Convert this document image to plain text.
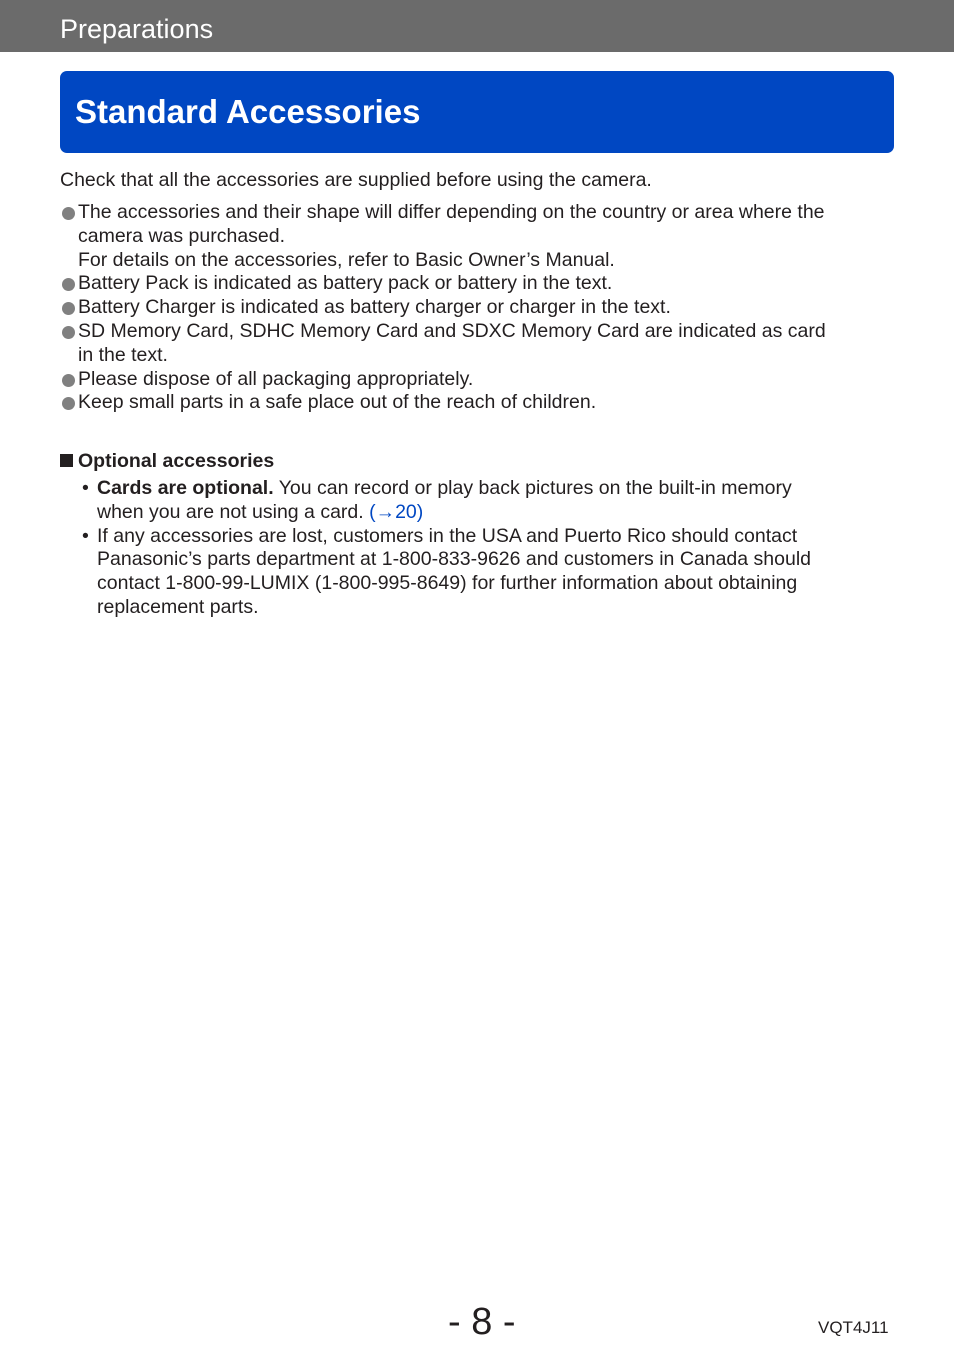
Preparations
Standard Accessories
Check that all the accessories are supplied before using the camera.
The accessories and their shape will differ depending on the country or area where the
camera was purchased.
For details on the accessories, refer to Basic Owner’s Manual.
Battery Pack is indicated as battery pack or battery in the text.
Battery Charger is indicated as battery charger or charger in the text.
SD Memory Card, SDHC Memory Card and SDXC Memory Card are indicated as card
in the text.
Please dispose of all packaging appropriately.
Keep small parts in a safe place out of the reach of children.
Optional accessories
• Cards are optional. You can record or play back pictures on the built-in memory
when you are not using a card. (→20)
• If any accessories are lost, customers in the USA and Puerto Rico should contact
Panasonic’s parts department at 1-800-833-9626 and customers in Canada should
contact 1-800-99-LUMIX (1-800-995-8649) for further information about obtaining
replacement parts.
- 8 -	VQT4J11
